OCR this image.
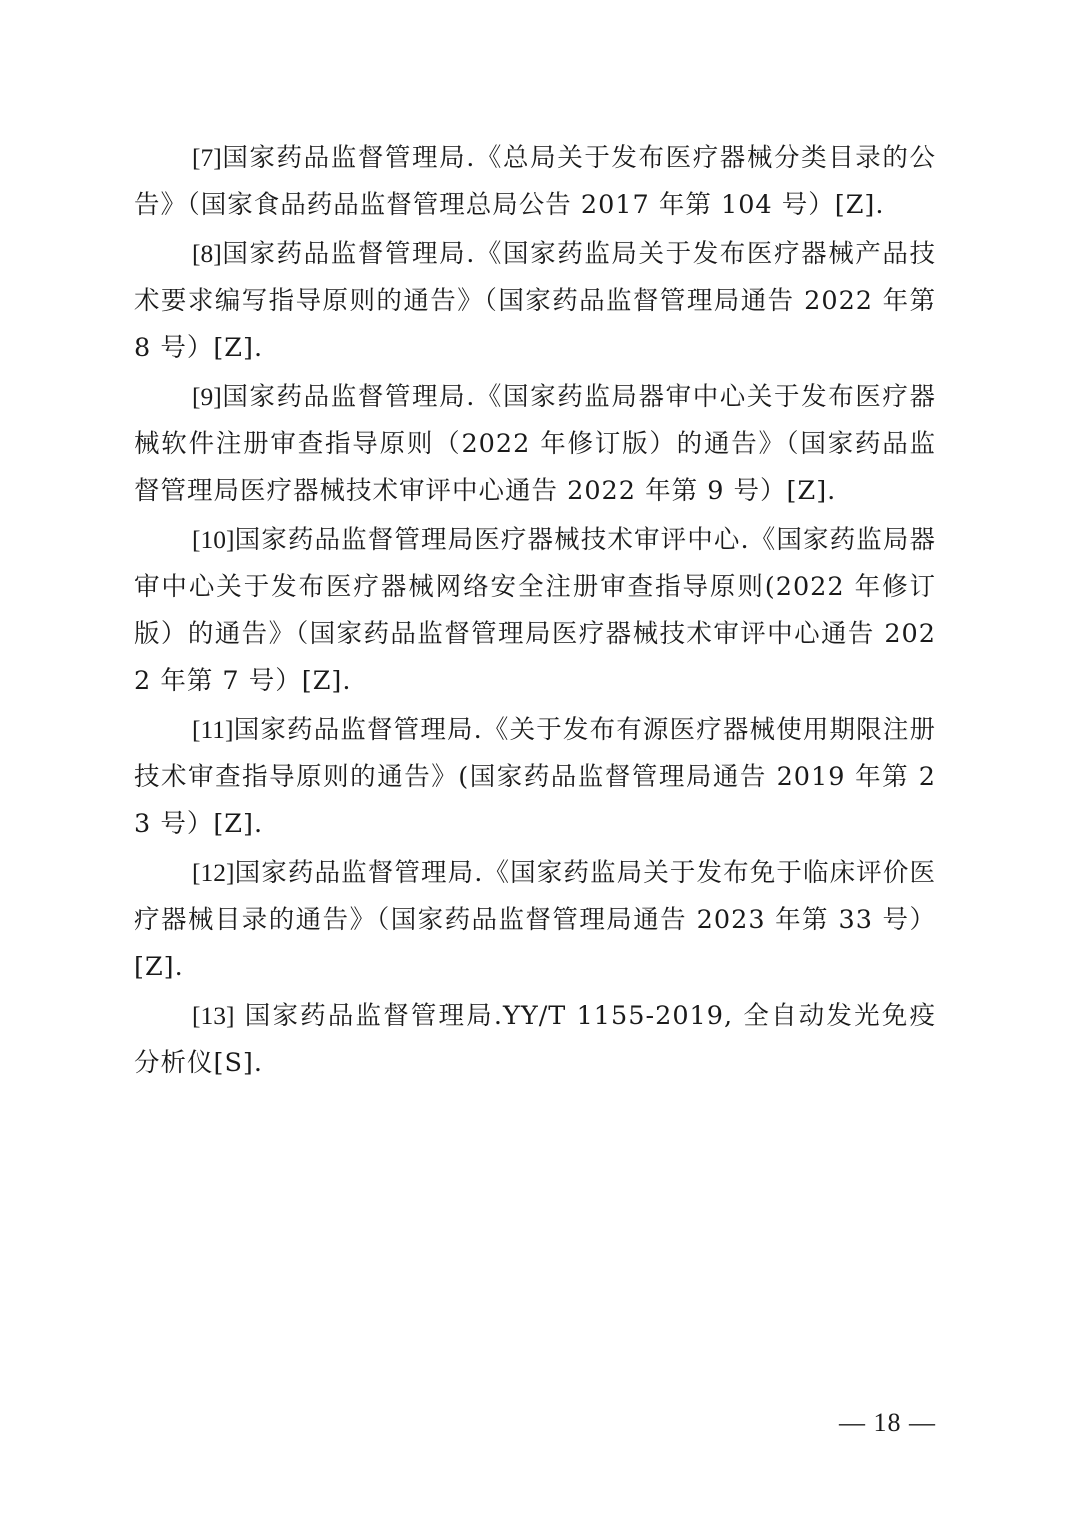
[7]国家药品监督管理局.《总局关于发布医疗器械分类目录的公告》（国家食品药品监督管理总局公告 2017 年第 104 号）[Z].
[8]国家药品监督管理局.《国家药监局关于发布医疗器械产品技术要求编写指导原则的通告》（国家药品监督管理局通告 2022 年第 8 号）[Z].
[9]国家药品监督管理局.《国家药监局器审中心关于发布医疗器械软件注册审查指导原则（2022 年修订版）的通告》（国家药品监督管理局医疗器械技术审评中心通告 2022 年第 9 号）[Z].
[10]国家药品监督管理局医疗器械技术审评中心.《国家药监局器审中心关于发布医疗器械网络安全注册审查指导原则(2022 年修订版）的通告》（国家药品监督管理局医疗器械技术审评中心通告 2022 年第 7 号）[Z].
[11]国家药品监督管理局.《关于发布有源医疗器械使用期限注册技术审查指导原则的通告》(国家药品监督管理局通告 2019 年第 23 号）[Z].
[12]国家药品监督管理局.《国家药监局关于发布免于临床评价医疗器械目录的通告》（国家药品监督管理局通告 2023 年第 33 号）[Z].
[13] 国家药品监督管理局.YY/T 1155-2019, 全自动发光免疫分析仪[S].
— 18 —
